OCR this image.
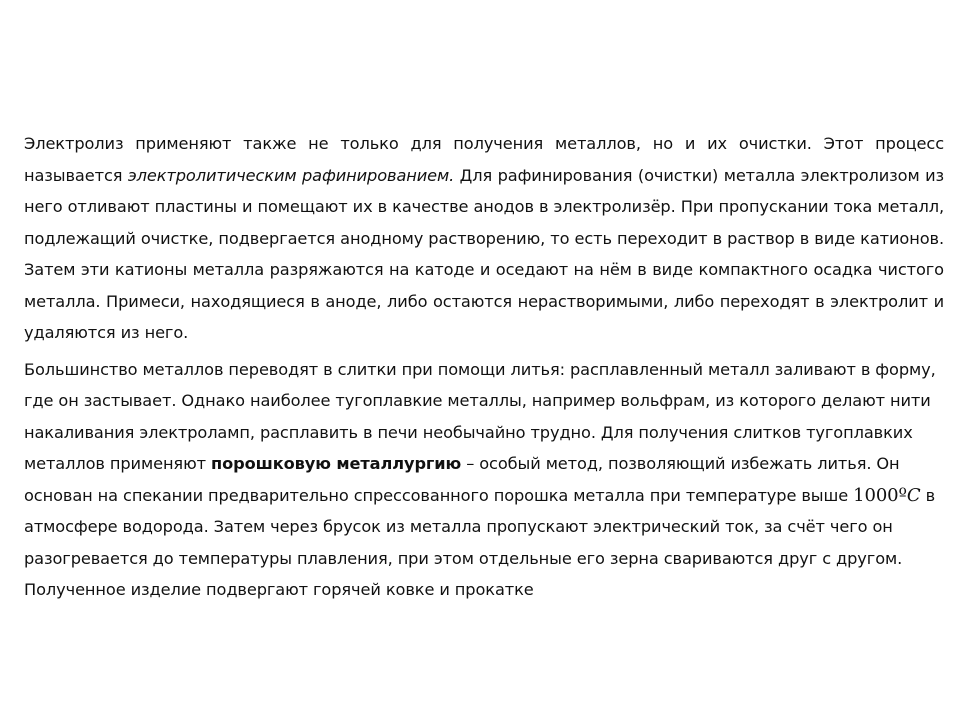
Электролиз применяют также не только для получения металлов, но и их очистки. Этот процесс называется электролитическим рафинированием. Для рафинирования (очистки) металла электролизом из него отливают пластины и помещают их в качестве анодов в электролизёр. При пропускании тока металл, подлежащий очистке, подвергается анодному растворению, то есть переходит в раствор в виде катионов. Затем эти катионы металла разряжаются на катоде и оседают на нём в виде компактного осадка чистого металла. Примеси, находящиеся в аноде, либо остаются нерастворимыми, либо переходят в электролит и удаляются из него.

Большинство металлов переводят в слитки при помощи литья: расплавленный металл заливают в форму, где он застывает. Однако наиболее тугоплавкие металлы, например вольфрам, из которого делают нити накаливания электроламп, расплавить в печи необычайно трудно. Для получения слитков тугоплавких металлов применяют порошковую металлургию – особый метод, позволяющий избежать литья. Он основан на спекании предварительно спрессованного порошка металла при температуре выше 1000ºC в атмосфере водорода. Затем через брусок из металла пропускают электрический ток, за счёт чего он разогревается до температуры плавления, при этом отдельные его зерна свариваются друг с другом. Полученное изделие подвергают горячей ковке и прокатке
